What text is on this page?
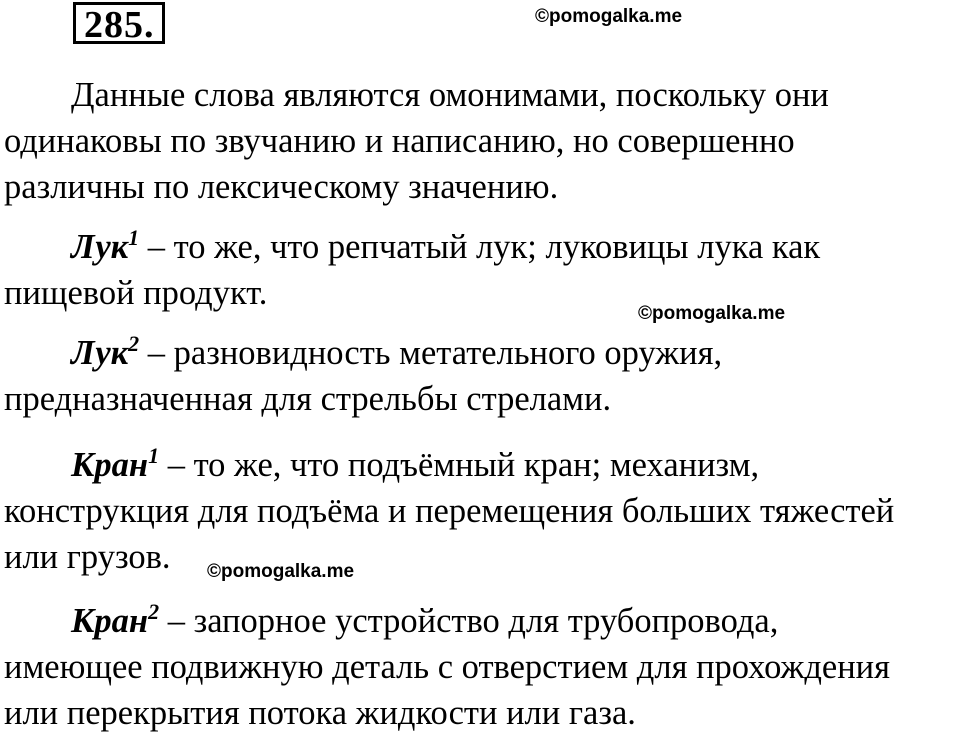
285.	©pomogalka.me
©pomogalka.me
©pomogalka.me
Данные слова являются омонимами, поскольку они
одинаковы по звучанию и написанию, но совершенно
различны по лексическому значению.
Лук$^1$ – то же, что репчатый лук; луковицы лука как
пищевой продукт.
Лук$^2$ – разновидность метательного оружия,
предназначенная для стрельбы стрелами.
Кран$^1$ – то же, что подъёмный кран; механизм,
конструкция для подъёма и перемещения больших тяжестей
или грузов.
Кран$^2$ – запорное устройство для трубопровода,
имеющее подвижную деталь с отверстием для прохождения
или перекрытия потока жидкости или газа.
